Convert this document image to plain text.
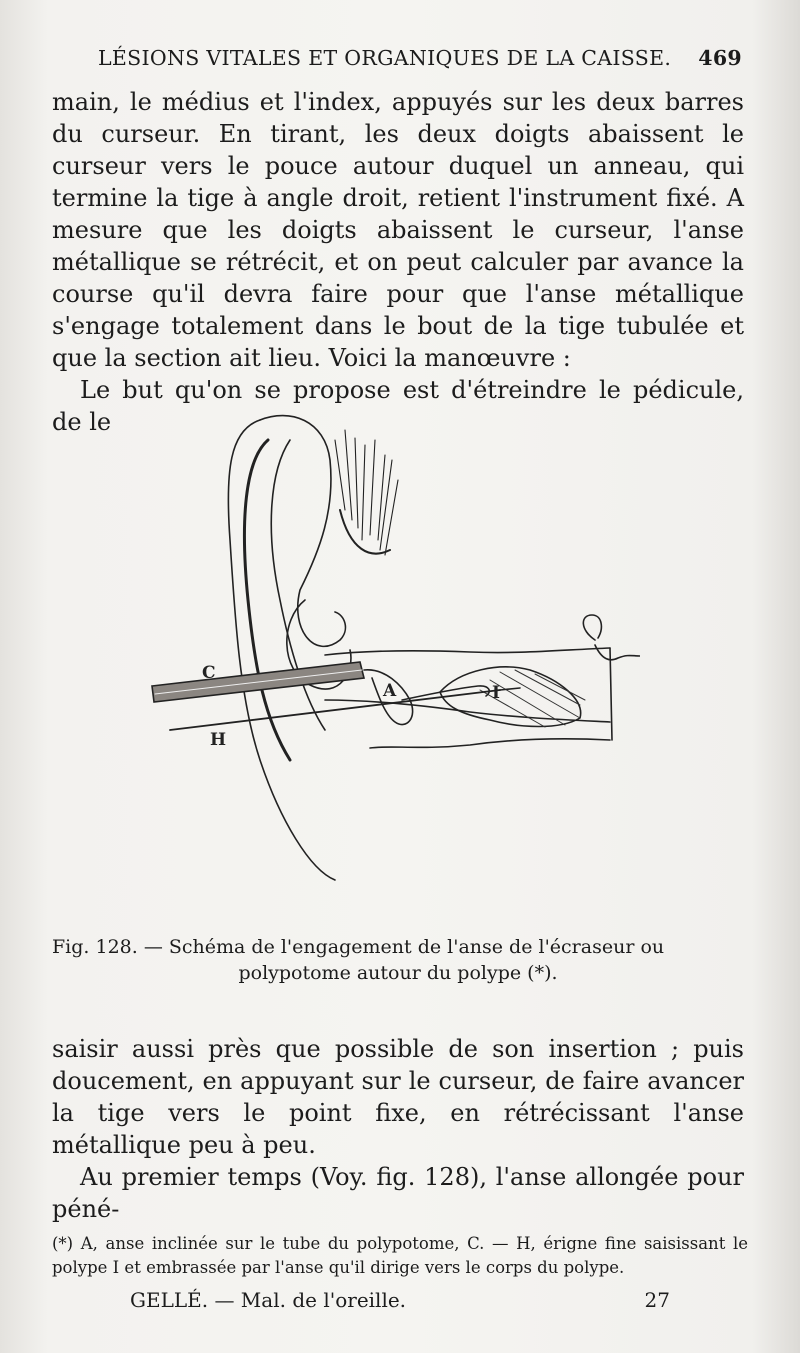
LÉSIONS VITALES ET ORGANIQUES DE LA CAISSE. 469

main, le médius et l'index, appuyés sur les deux barres du curseur. En tirant, les deux doigts abaissent le curseur vers le pouce autour duquel un anneau, qui termine la tige à angle droit, retient l'instrument fixé. A mesure que les doigts abaissent le curseur, l'anse métallique se rétrécit, et on peut calculer par avance la course qu'il devra faire pour que l'anse métallique s'engage totalement dans le bout de la tige tubulée et que la section ait lieu. Voici la manœuvre :

Le but qu'on se propose est d'étreindre le pédicule, de le

C
A	I
H
Fig. 128. — Schéma de l'engagement de l'anse de l'écraseur ou
polypotome autour du polype (*).

saisir aussi près que possible de son insertion ; puis doucement, en appuyant sur le curseur, de faire avancer la tige vers le point fixe, en rétrécissant l'anse métallique peu à peu.

Au premier temps (Voy. fig. 128), l'anse allongée pour péné-

(*) A, anse inclinée sur le tube du polypotome, C. — H, érigne fine saisissant le polype I et embrassée par l'anse qu'il dirige vers le corps du polype.
GELLÉ. — Mal. de l'oreille.	27
